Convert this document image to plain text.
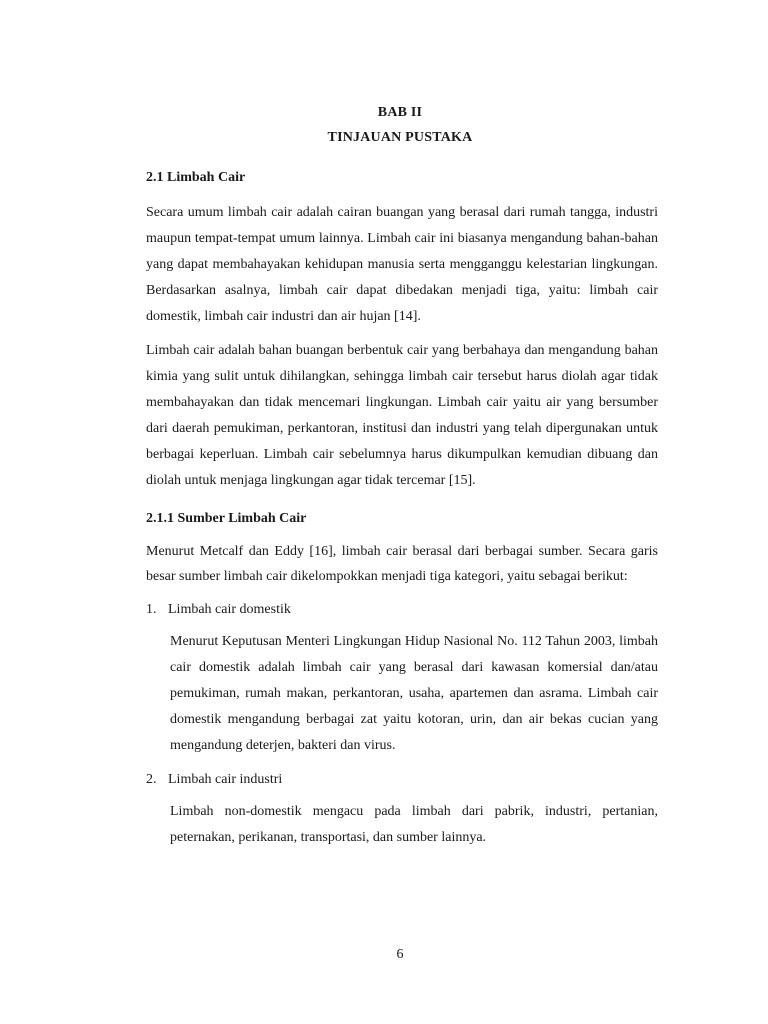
BAB II
TINJAUAN PUSTAKA
2.1 Limbah Cair

Secara umum limbah cair adalah cairan buangan yang berasal dari rumah tangga, industri maupun tempat-tempat umum lainnya. Limbah cair ini biasanya mengandung bahan-bahan yang dapat membahayakan kehidupan manusia serta mengganggu kelestarian lingkungan. Berdasarkan asalnya, limbah cair dapat dibedakan menjadi tiga, yaitu: limbah cair domestik, limbah cair industri dan air hujan [14].

Limbah cair adalah bahan buangan berbentuk cair yang berbahaya dan mengandung bahan kimia yang sulit untuk dihilangkan, sehingga limbah cair tersebut harus diolah agar tidak membahayakan dan tidak mencemari lingkungan. Limbah cair yaitu air yang bersumber dari daerah pemukiman, perkantoran, institusi dan industri yang telah dipergunakan untuk berbagai keperluan. Limbah cair sebelumnya harus dikumpulkan kemudian dibuang dan diolah untuk menjaga lingkungan agar tidak tercemar [15].

2.1.1 Sumber Limbah Cair

Menurut Metcalf dan Eddy [16], limbah cair berasal dari berbagai sumber. Secara garis besar sumber limbah cair dikelompokkan menjadi tiga kategori, yaitu sebagai berikut:

1. Limbah cair domestik

Menurut Keputusan Menteri Lingkungan Hidup Nasional No. 112 Tahun 2003, limbah cair domestik adalah limbah cair yang berasal dari kawasan komersial dan/atau pemukiman, rumah makan, perkantoran, usaha, apartemen dan asrama. Limbah cair domestik mengandung berbagai zat yaitu kotoran, urin, dan air bekas cucian yang mengandung deterjen, bakteri dan virus.

2. Limbah cair industri

Limbah non-domestik mengacu pada limbah dari pabrik, industri, pertanian, peternakan, perikanan, transportasi, dan sumber lainnya.

6
